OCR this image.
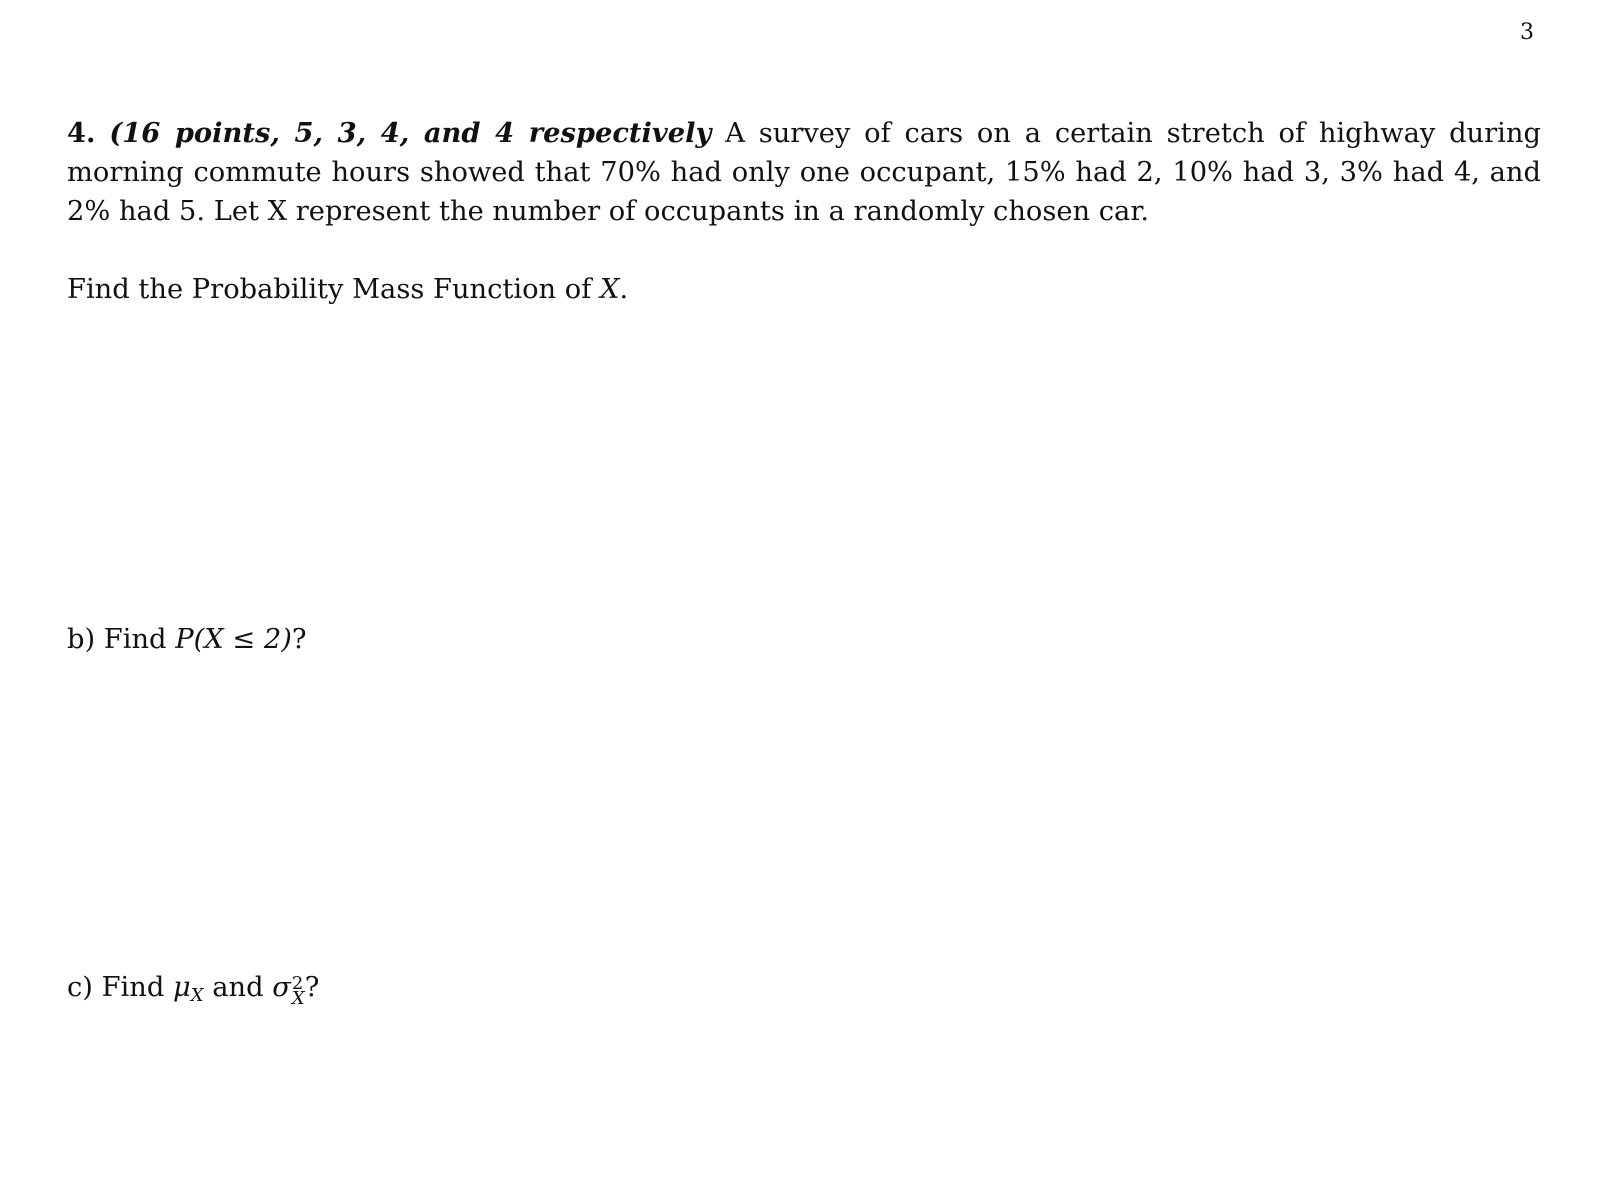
3
4. (16 points, 5, 3, 4, and 4 respectively A survey of cars on a certain stretch of highway during morning commute hours showed that 70% had only one occupant, 15% had 2, 10% had 3, 3% had 4, and 2% had 5. Let X represent the number of occupants in a randomly chosen car.
Find the Probability Mass Function of X.
b) Find P(X ≤ 2)?
c) Find μX and σ 2
X ?
